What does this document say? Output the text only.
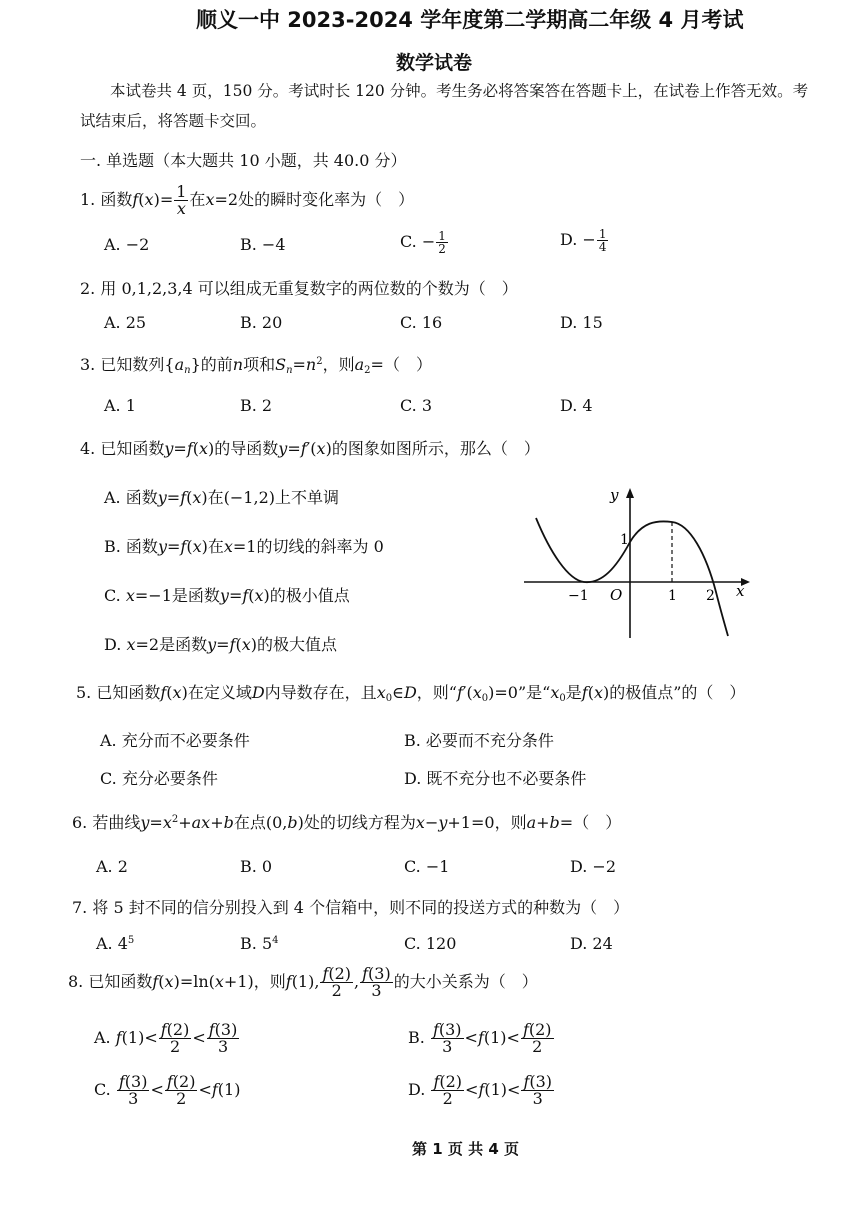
顺义一中 2023-2024 学年度第二学期高二年级 4 月考试
数学试卷
本试卷共 4 页，150 分。考试时长 120 分钟。考生务必将答案答在答题卡上，在试卷上作答无效。考
试结束后，将答题卡交回。
一. 单选题（本大题共 10 小题，共 40.0 分）
1. 函数$f(x)= \frac{1}{x}$ 在x=2处的瞬时变化率为（　）
A. −2	B. −4	C. − $\frac{1}{2}$	D. − $\frac{1}{4}$
2. 用 0,1,2,3,4 可以组成无重复数字的两位数的个数为（　）
A. 25	B. 20	C. 16	D. 15
3. 已知数列$\{a_n\}$的前n项和$S_n=n^2$，则$a_2=$（　）
A. 1	B. 2	C. 3	D. 4
4. 已知函数y=f(x)的导函数y=f′(x)的图象如图所示，那么（　）
A. 函数y=f(x)在(−1,2)上不单调
B. 函数y=f(x)在x=1的切线的斜率为 0
C. x=−1是函数y=f(x)的极小值点
D. x=2是函数y=f(x)的极大值点
y
x
O
−1	1 2
1
5. 已知函数f(x)在定义域D内导数存在，且$x_0\in D$，则“$f'(x_0)=0$”是“$x_0$是f(x)的极值点”的（　）
A. 充分而不必要条件	B. 必要而不充分条件
C. 充分必要条件	D. 既不充分也不必要条件
6. 若曲线$y=x^2+ax+b$在点(0,b)处的切线方程为x−y+1=0，则a+b=（　）
A. 2	B. 0	C. −1	D. −2
7. 将 5 封不同的信分别投入到 4 个信箱中，则不同的投送方式的种数为（　）
A. $4^5$	B. $5^4$	C. 120	D. 24
8. 已知函数f(x)=ln(x+1)，则f(1), $\frac{f(2)}{2}$ , $\frac{f(3)}{3}$ 的大小关系为（　）
A. $f(1)< \frac{f(2)}{2} < \frac{f(3)}{3}$	B. $\frac{f(3)}{3} <f(1)< \frac{f(2)}{2}$
C. $\frac{f(3)}{3} < \frac{f(2)}{2} <f(1)$	D. $\frac{f(2)}{2} <f(1)< \frac{f(3)}{3}$
第 1 页 共 4 页
